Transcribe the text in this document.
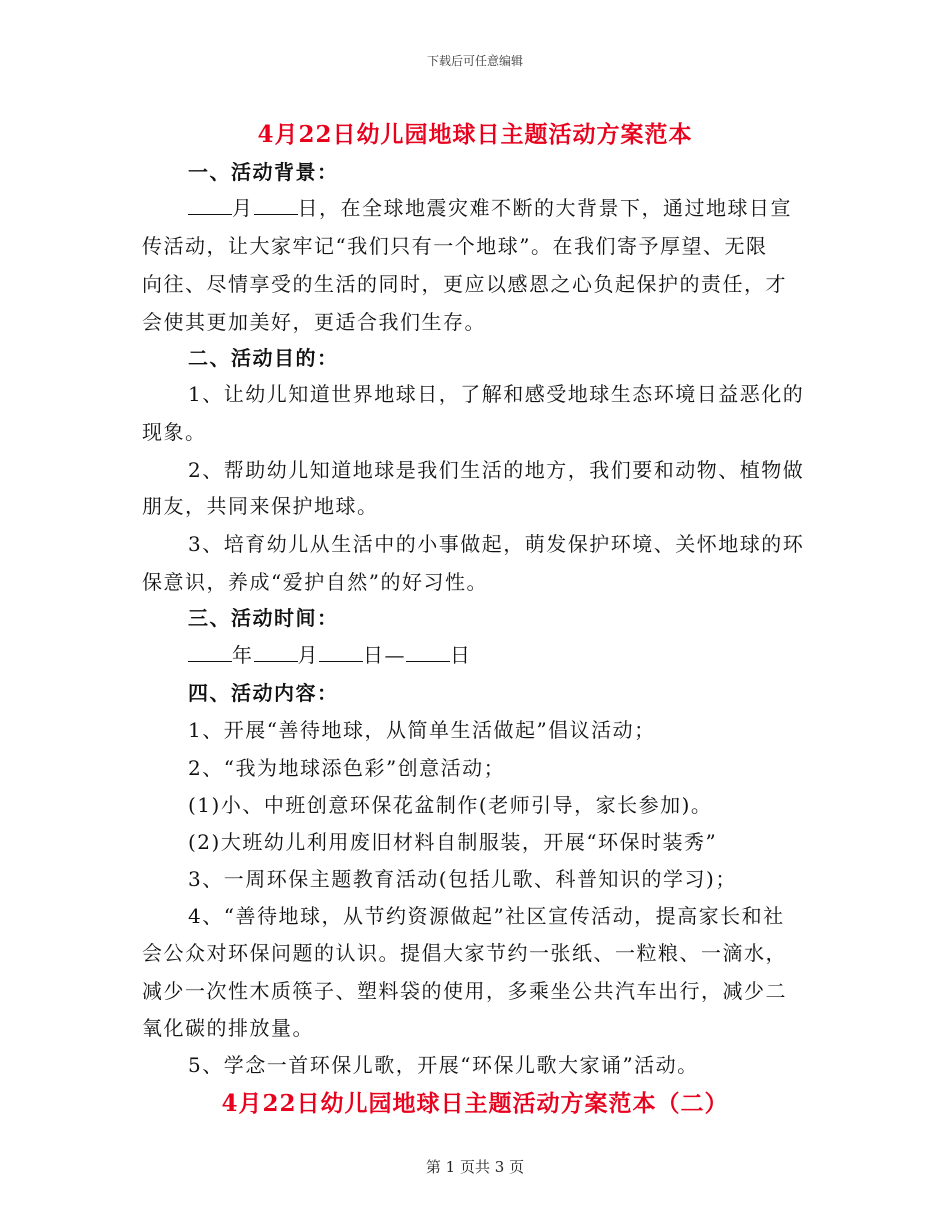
下载后可任意编辑
4月22日幼儿园地球日主题活动方案范本
一、活动背景：
月 日，在全球地震灾难不断的大背景下，通过地球日宣
传活动，让大家牢记“我们只有一个地球”。在我们寄予厚望、无限
向往、尽情享受的生活的同时，更应以感恩之心负起保护的责任，才
会使其更加美好，更适合我们生存。
二、活动目的：
1、让幼儿知道世界地球日，了解和感受地球生态环境日益恶化的
现象。
2、帮助幼儿知道地球是我们生活的地方，我们要和动物、植物做
朋友，共同来保护地球。
3、培育幼儿从生活中的小事做起，萌发保护环境、关怀地球的环
保意识，养成“爱护自然”的好习性。
三、活动时间：
年 月 日— 日
四、活动内容：
1、开展“善待地球，从简单生活做起”倡议活动；
2、“我为地球添色彩”创意活动；
(1)小、中班创意环保花盆制作(老师引导，家长参加)。
(2)大班幼儿利用废旧材料自制服装，开展“环保时装秀”
3、一周环保主题教育活动(包括儿歌、科普知识的学习)；
4、“善待地球，从节约资源做起”社区宣传活动，提高家长和社
会公众对环保问题的认识。提倡大家节约一张纸、一粒粮、一滴水，
减少一次性木质筷子、塑料袋的使用，多乘坐公共汽车出行，减少二
氧化碳的排放量。
5、学念一首环保儿歌，开展“环保儿歌大家诵”活动。
4月22日幼儿园地球日主题活动方案范本（二）
第 1 页共 3 页
